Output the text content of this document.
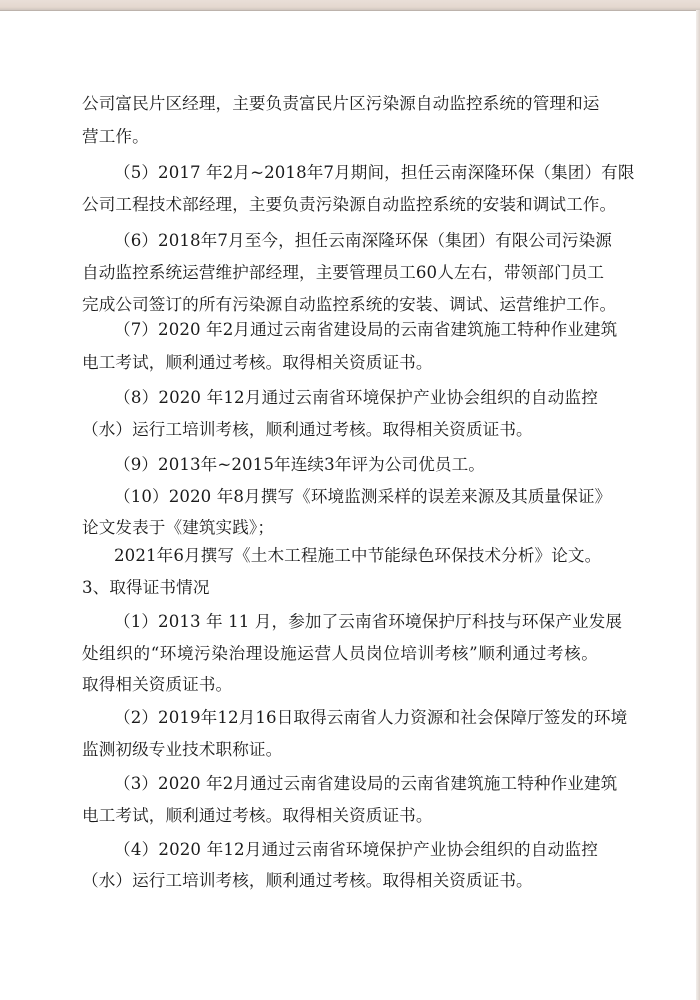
公司富民片区经理，主要负责富民片区污染源自动监控系统的管理和运
营工作。
（5）2017 年2月~2018年7月期间，担任云南深隆环保（集团）有限
公司工程技术部经理，主要负责污染源自动监控系统的安装和调试工作。
（6）2018年7月至今，担任云南深隆环保（集团）有限公司污染源
自动监控系统运营维护部经理，主要管理员工60人左右，带领部门员工
完成公司签订的所有污染源自动监控系统的安装、调试、运营维护工作。
（7）2020 年2月通过云南省建设局的云南省建筑施工特种作业建筑
电工考试，顺利通过考核。取得相关资质证书。
（8）2020 年12月通过云南省环境保护产业协会组织的自动监控
（水）运行工培训考核，顺利通过考核。取得相关资质证书。
（9）2013年~2015年连续3年评为公司优员工。
（10）2020 年8月撰写《环境监测采样的误差来源及其质量保证》
论文发表于《建筑实践》；
2021年6月撰写《土木工程施工中节能绿色环保技术分析》论文。
3、取得证书情况
（1）2013 年 11 月，参加了云南省环境保护厅科技与环保产业发展
处组织的“环境污染治理设施运营人员岗位培训考核”顺利通过考核。
取得相关资质证书。
（2）2019年12月16日取得云南省人力资源和社会保障厅签发的环境
监测初级专业技术职称证。
（3）2020 年2月通过云南省建设局的云南省建筑施工特种作业建筑
电工考试，顺利通过考核。取得相关资质证书。
（4）2020 年12月通过云南省环境保护产业协会组织的自动监控
（水）运行工培训考核，顺利通过考核。取得相关资质证书。
